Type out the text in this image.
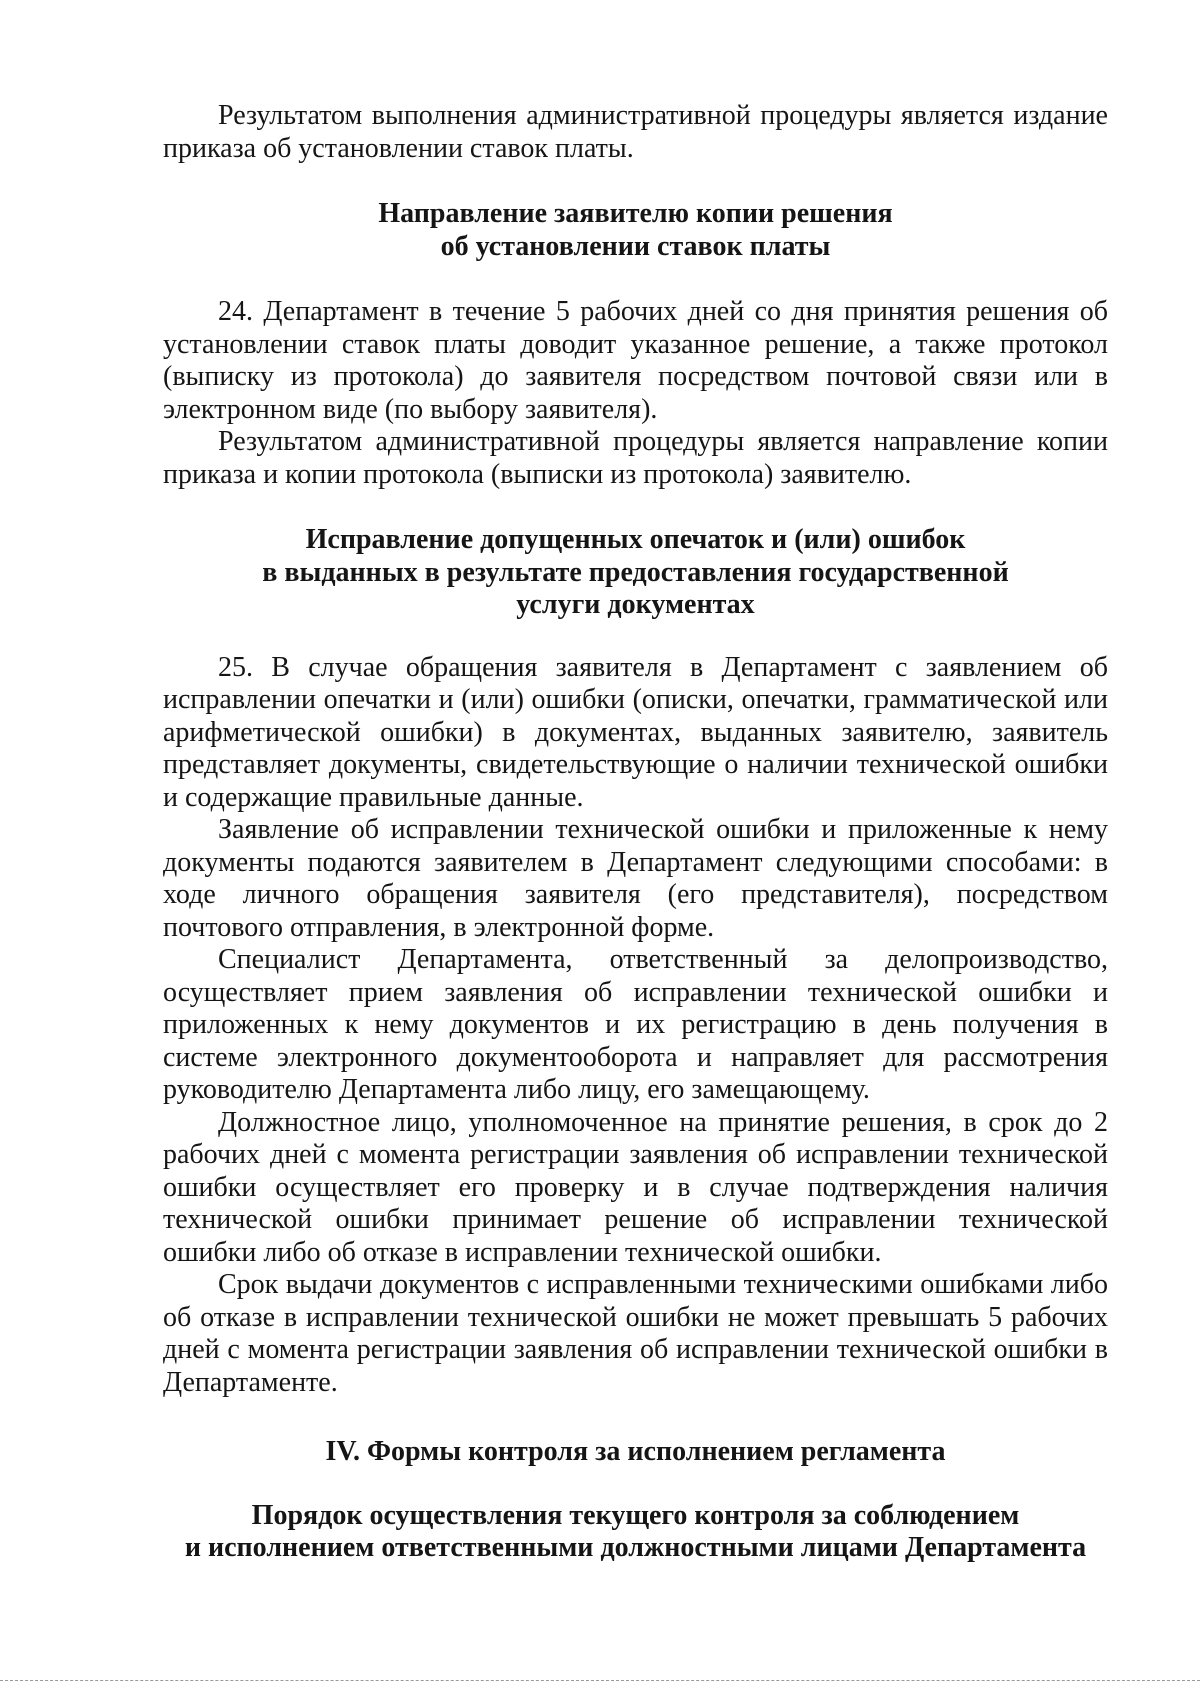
Результатом выполнения административной процедуры является издание приказа об установлении ставок платы.

Направление заявителю копии решения
об установлении ставок платы

24. Департамент в течение 5 рабочих дней со дня принятия решения об установлении ставок платы доводит указанное решение, а также протокол (выписку из протокола) до заявителя посредством почтовой связи или в электронном виде (по выбору заявителя).

Результатом административной процедуры является направление копии приказа и копии протокола (выписки из протокола) заявителю.

Исправление допущенных опечаток и (или) ошибок
в выданных в результате предоставления государственной
услуги документах

25. В случае обращения заявителя в Департамент с заявлением об исправлении опечатки и (или) ошибки (описки, опечатки, грамматической или арифметической ошибки) в документах, выданных заявителю, заявитель представляет документы, свидетельствующие о наличии технической ошибки и содержащие правильные данные.

Заявление об исправлении технической ошибки и приложенные к нему документы подаются заявителем в Департамент следующими способами: в ходе личного обращения заявителя (его представителя), посредством почтового отправления, в электронной форме.

Специалист Департамента, ответственный за делопроизводство, осуществляет прием заявления об исправлении технической ошибки и приложенных к нему документов и их регистрацию в день получения в системе электронного документооборота и направляет для рассмотрения руководителю Департамента либо лицу, его замещающему.

Должностное лицо, уполномоченное на принятие решения, в срок до 2 рабочих дней с момента регистрации заявления об исправлении технической ошибки осуществляет его проверку и в случае подтверждения наличия технической ошибки принимает решение об исправлении технической ошибки либо об отказе в исправлении технической ошибки.

Срок выдачи документов с исправленными техническими ошибками либо об отказе в исправлении технической ошибки не может превышать 5 рабочих дней с момента регистрации заявления об исправлении технической ошибки в Департаменте.

IV. Формы контроля за исполнением регламента
Порядок осуществления текущего контроля за соблюдением
и исполнением ответственными должностными лицами Департамента
